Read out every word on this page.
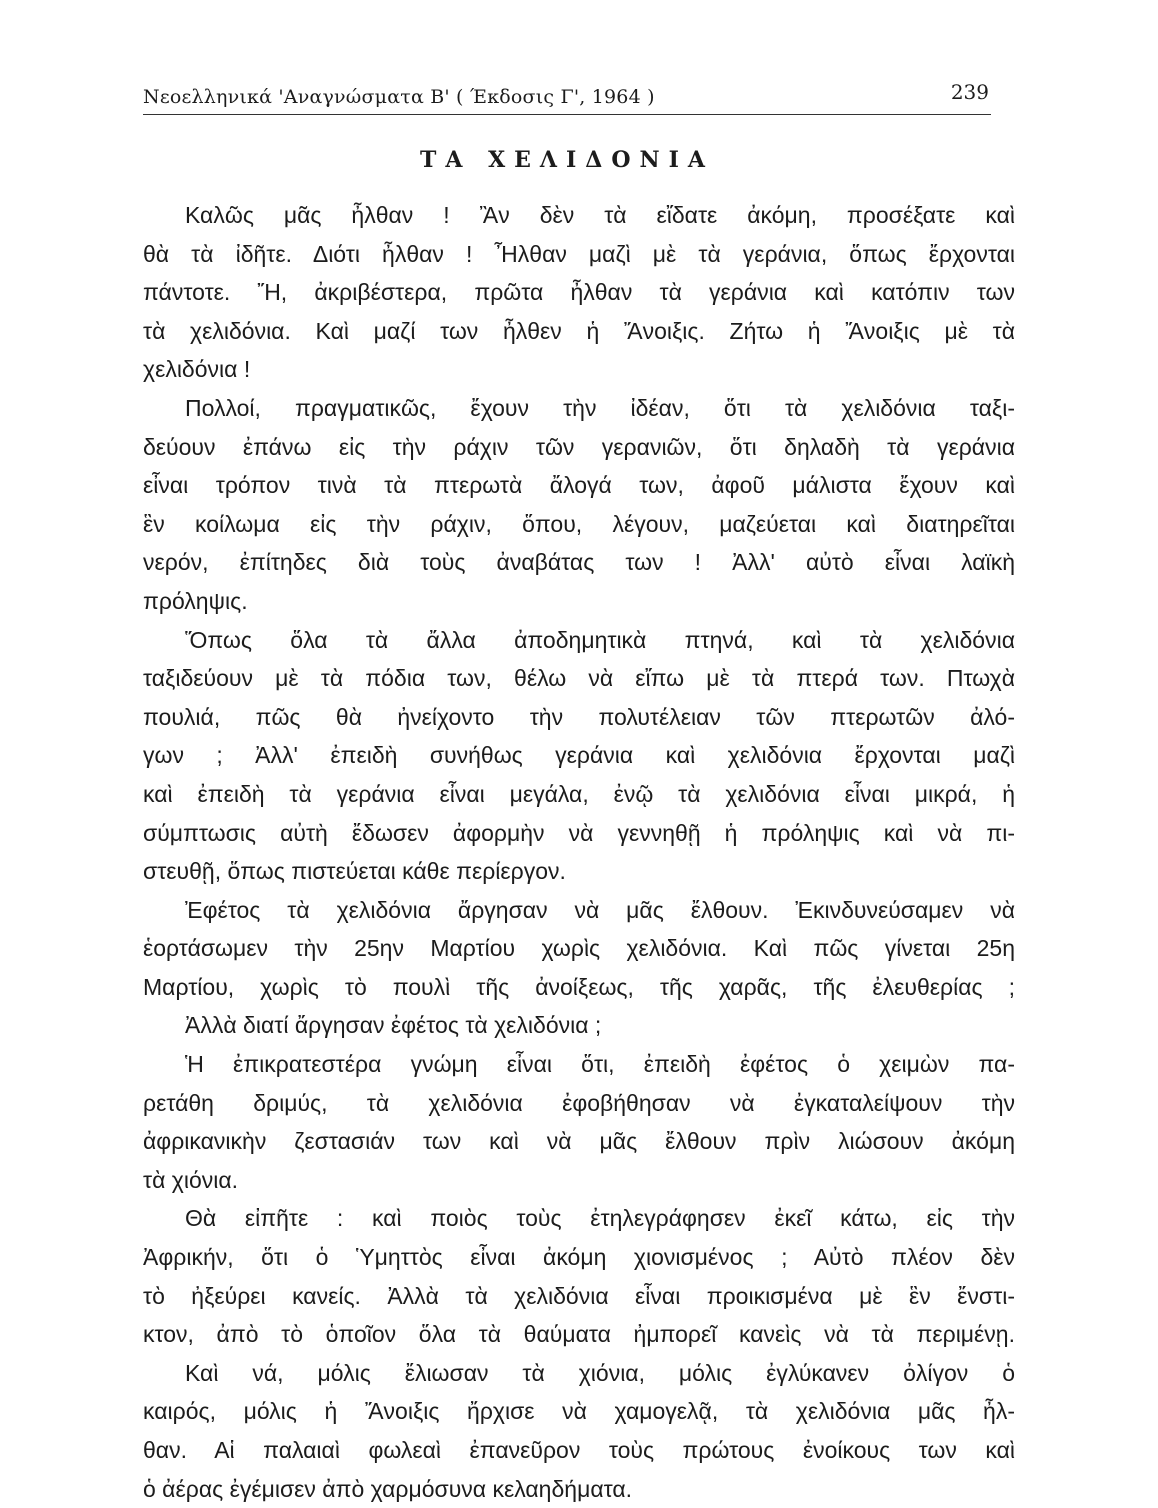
Νεοελληνικά 'Αναγνώσματα Β' ( Έκδοσις Γ', 1964 )	239
ΤΑ ΧΕΛΙΔΟΝΙΑ
Καλῶς μᾶς ἦλθαν ! Ἂν δὲν τὰ εἴδατε ἀκόμη, προσέξατε καὶ
θὰ τὰ ἰδῆτε. Διότι ἦλθαν ! Ἦλθαν μαζὶ μὲ τὰ γεράνια, ὅπως ἔρχονται
πάντοτε. Ἤ, ἀκριβέστερα, πρῶτα ἦλθαν τὰ γεράνια καὶ κατόπιν των
τὰ χελιδόνια. Καὶ μαζί των ἦλθεν ἡ Ἄνοιξις. Ζήτω ἡ Ἄνοιξις μὲ τὰ
χελιδόνια !
Πολλοί, πραγματικῶς, ἔχουν τὴν ἰδέαν, ὅτι τὰ χελιδόνια ταξι-
δεύουν ἐπάνω εἰς τὴν ράχιν τῶν γερανιῶν, ὅτι δηλαδὴ τὰ γεράνια
εἶναι τρόπον τινὰ τὰ πτερωτὰ ἄλογά των, ἀφοῦ μάλιστα ἔχουν καὶ
ἓν κοίλωμα εἰς τὴν ράχιν, ὅπου, λέγουν, μαζεύεται καὶ διατηρεῖται
νερόν, ἐπίτηδες διὰ τοὺς ἀναβάτας των ! Ἀλλ' αὐτὸ εἶναι λαϊκὴ
πρόληψις.
Ὅπως ὅλα τὰ ἄλλα ἀποδημητικὰ πτηνά, καὶ τὰ χελιδόνια
ταξιδεύουν μὲ τὰ πόδια των, θέλω νὰ εἴπω μὲ τὰ πτερά των. Πτωχὰ
πουλιά, πῶς θὰ ἠνείχοντο τὴν πολυτέλειαν τῶν πτερωτῶν ἀλό-
γων ; Ἀλλ' ἐπειδὴ συνήθως γεράνια καὶ χελιδόνια ἔρχονται μαζὶ
καὶ ἐπειδὴ τὰ γεράνια εἶναι μεγάλα, ἐνῷ τὰ χελιδόνια εἶναι μικρά, ἡ
σύμπτωσις αὐτὴ ἔδωσεν ἀφορμὴν νὰ γεννηθῇ ἡ πρόληψις καὶ νὰ πι-
στευθῇ, ὅπως πιστεύεται κάθε περίεργον.
Ἐφέτος τὰ χελιδόνια ἄργησαν νὰ μᾶς ἔλθουν. Ἐκινδυνεύσαμεν νὰ
ἑορτάσωμεν τὴν 25ην Μαρτίου χωρὶς χελιδόνια. Καὶ πῶς γίνεται 25η
Μαρτίου, χωρὶς τὸ πουλὶ τῆς ἀνοίξεως, τῆς χαρᾶς, τῆς ἐλευθερίας ;
Ἀλλὰ διατί ἄργησαν ἐφέτος τὰ χελιδόνια ;
Ἡ ἐπικρατεστέρα γνώμη εἶναι ὅτι, ἐπειδὴ ἐφέτος ὁ χειμὼν πα-
ρετάθη δριμύς, τὰ χελιδόνια ἐφοβήθησαν νὰ ἐγκαταλείψουν τὴν
ἀφρικανικὴν ζεστασιάν των καὶ νὰ μᾶς ἔλθουν πρὶν λιώσουν ἀκόμη
τὰ χιόνια.
Θὰ εἰπῆτε : καὶ ποιὸς τοὺς ἐτηλεγράφησεν ἐκεῖ κάτω, εἰς τὴν
Ἀφρικήν, ὅτι ὁ Ὑμηττὸς εἶναι ἀκόμη χιονισμένος ; Αὐτὸ πλέον δὲν
τὸ ἠξεύρει κανείς. Ἀλλὰ τὰ χελιδόνια εἶναι προικισμένα μὲ ἓν ἔνστι-
κτον, ἀπὸ τὸ ὁποῖον ὅλα τὰ θαύματα ἠμπορεῖ κανεὶς νὰ τὰ περιμένῃ.
Καὶ νά, μόλις ἔλιωσαν τὰ χιόνια, μόλις ἐγλύκανεν ὀλίγον ὁ
καιρός, μόλις ἡ Ἄνοιξις ἤρχισε νὰ χαμογελᾷ, τὰ χελιδόνια μᾶς ἦλ-
θαν. Αἱ παλαιαὶ φωλεαὶ ἐπανεῦρον τοὺς πρώτους ἐνοίκους των καὶ
ὁ ἀέρας ἐγέμισεν ἀπὸ χαρμόσυνα κελαηδήματα.
